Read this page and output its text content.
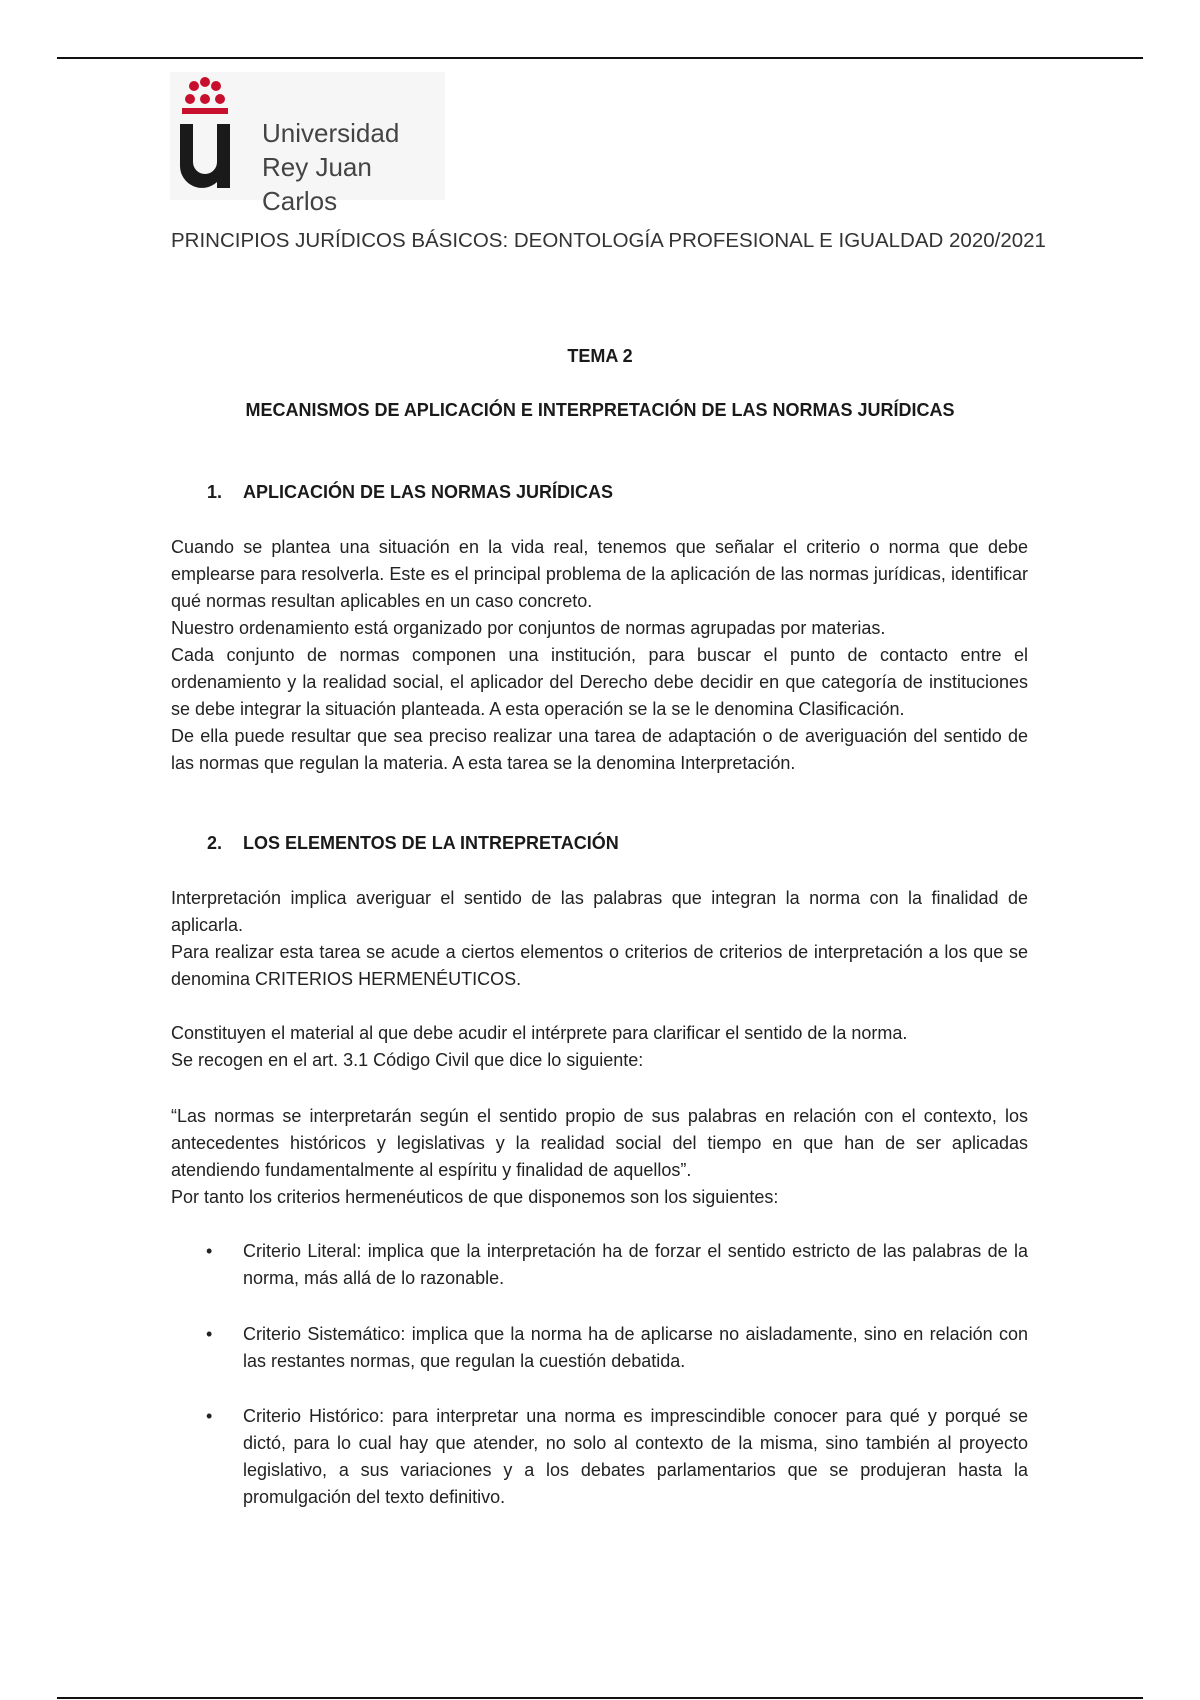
Universidad
Rey Juan Carlos
PRINCIPIOS JURÍDICOS BÁSICOS: DEONTOLOGÍA PROFESIONAL E IGUALDAD 2020/2021
TEMA 2
MECANISMOS DE APLICACIÓN E INTERPRETACIÓN DE LAS NORMAS JURÍDICAS
1. APLICACIÓN DE LAS NORMAS JURÍDICAS

Cuando se plantea una situación en la vida real, tenemos que señalar el criterio o norma que debe emplearse para resolverla. Este es el principal problema de la aplicación de las normas jurídicas, identificar qué normas resultan aplicables en un caso concreto.

Nuestro ordenamiento está organizado por conjuntos de normas agrupadas por materias.

Cada conjunto de normas componen una institución, para buscar el punto de contacto entre el ordenamiento y la realidad social, el aplicador del Derecho debe decidir en que categoría de instituciones se debe integrar la situación planteada. A esta operación se la se le denomina Clasificación.

De ella puede resultar que sea preciso realizar una tarea de adaptación o de averiguación del sentido de las normas que regulan la materia. A esta tarea se la denomina Interpretación.

2. LOS ELEMENTOS DE LA INTREPRETACIÓN

Interpretación implica averiguar el sentido de las palabras que integran la norma con la finalidad de aplicarla.

Para realizar esta tarea se acude a ciertos elementos o criterios de criterios de interpretación a los que se denomina CRITERIOS HERMENÉUTICOS.

Constituyen el material al que debe acudir el intérprete para clarificar el sentido de la norma.

Se recogen en el art. 3.1 Código Civil que dice lo siguiente:

“Las normas se interpretarán según el sentido propio de sus palabras en relación con el contexto, los antecedentes históricos y legislativas y la realidad social del tiempo en que han de ser aplicadas atendiendo fundamentalmente al espíritu y finalidad de aquellos”.

Por tanto los criterios hermenéuticos de que disponemos son los siguientes:

• Criterio Literal: implica que la interpretación ha de forzar el sentido estricto de las palabras de la norma, más allá de lo razonable.
• Criterio Sistemático: implica que la norma ha de aplicarse no aisladamente, sino en relación con las restantes normas, que regulan la cuestión debatida.
• Criterio Histórico: para interpretar una norma es imprescindible conocer para qué y porqué se dictó, para lo cual hay que atender, no solo al contexto de la misma, sino también al proyecto legislativo, a sus variaciones y a los debates parlamentarios que se produjeran hasta la promulgación del texto definitivo.
